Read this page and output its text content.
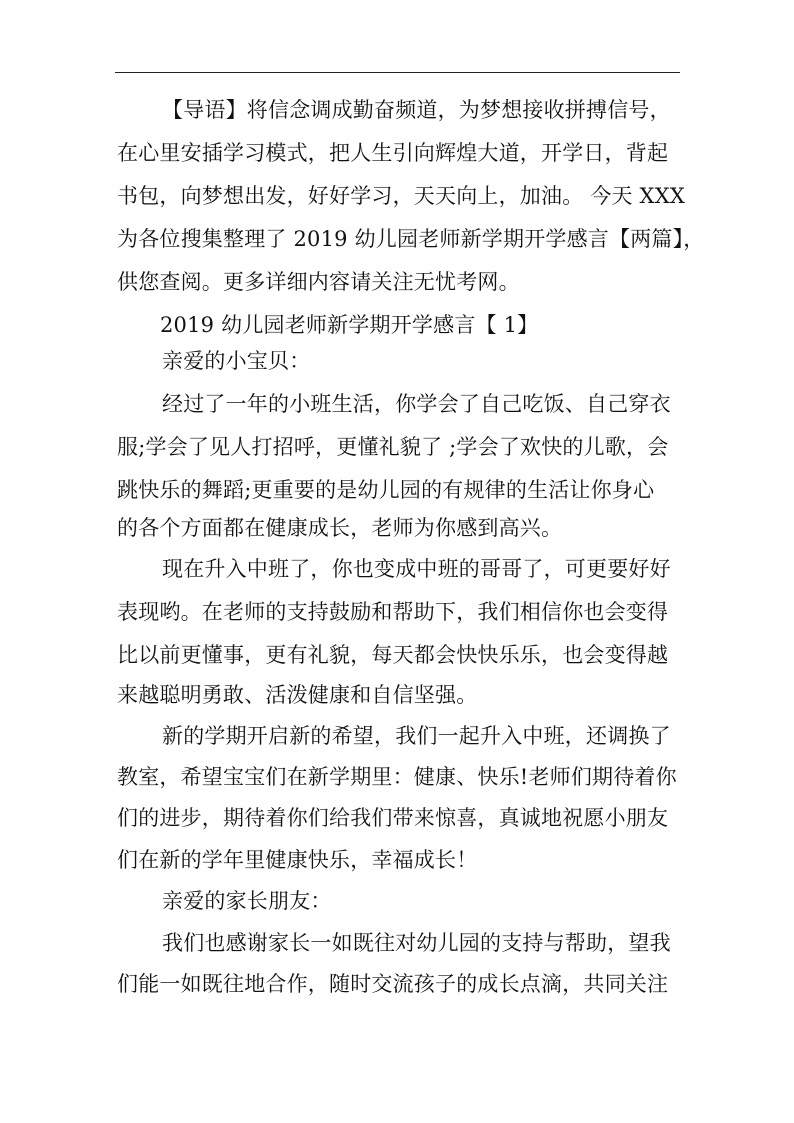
【导语】将信念调成勤奋频道，为梦想接收拼搏信号，
在心里安插学习模式，把人生引向辉煌大道，开学日，背起
书包，向梦想出发，好好学习，天天向上，加油。 今天 XXX
为各位搜集整理了 2019 幼儿园老师新学期开学感言【两篇】，
供您查阅。更多详细内容请关注无忧考网。
2019 幼儿园老师新学期开学感言【 1】
亲爱的小宝贝：
经过了一年的小班生活，你学会了自己吃饭、自己穿衣
服;学会了见人打招呼，更懂礼貌了 ;学会了欢快的儿歌，会
跳快乐的舞蹈;更重要的是幼儿园的有规律的生活让你身心
的各个方面都在健康成长，老师为你感到高兴。
现在升入中班了，你也变成中班的哥哥了，可更要好好
表现哟。在老师的支持鼓励和帮助下，我们相信你也会变得
比以前更懂事，更有礼貌，每天都会快快乐乐，也会变得越
来越聪明勇敢、活泼健康和自信坚强。
新的学期开启新的希望，我们一起升入中班，还调换了
教室，希望宝宝们在新学期里：健康、快乐!老师们期待着你
们的进步，期待着你们给我们带来惊喜，真诚地祝愿小朋友
们在新的学年里健康快乐，幸福成长！
亲爱的家长朋友：
我们也感谢家长一如既往对幼儿园的支持与帮助，望我
们能一如既往地合作，随时交流孩子的成长点滴，共同关注
